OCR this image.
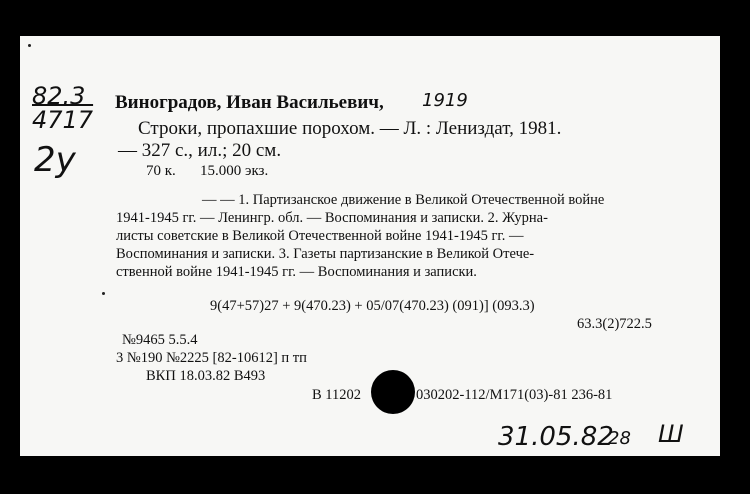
82.3
4717
2y
1919
Виноградов, Иван Васильевич,
Строки, пропахшие порохом. — Л. : Лениздат, 1981.
— 327 с., ил.; 20 см.
70 к. 15.000 экз.
— — 1. Партизанское движение в Великой Отечественной войне
1941-1945 гг. — Ленингр. обл. — Воспоминания и записки. 2. Журна-
листы советские в Великой Отечественной войне 1941-1945 гг. —
Воспоминания и записки. 3. Газеты партизанские в Великой Отече-
ственной войне 1941-1945 гг. — Воспоминания и записки.
9(47+57)27 + 9(470.23) + 05/07(470.23) (091)] (093.3)
63.3(2)722.5
№9465 5.5.4
3 №190 №2225 [82-10612] п тп
ВКП 18.03.82 В493
В 11202	030202-112/М171(03)-81 236-81
31.05.82
28 Ш
